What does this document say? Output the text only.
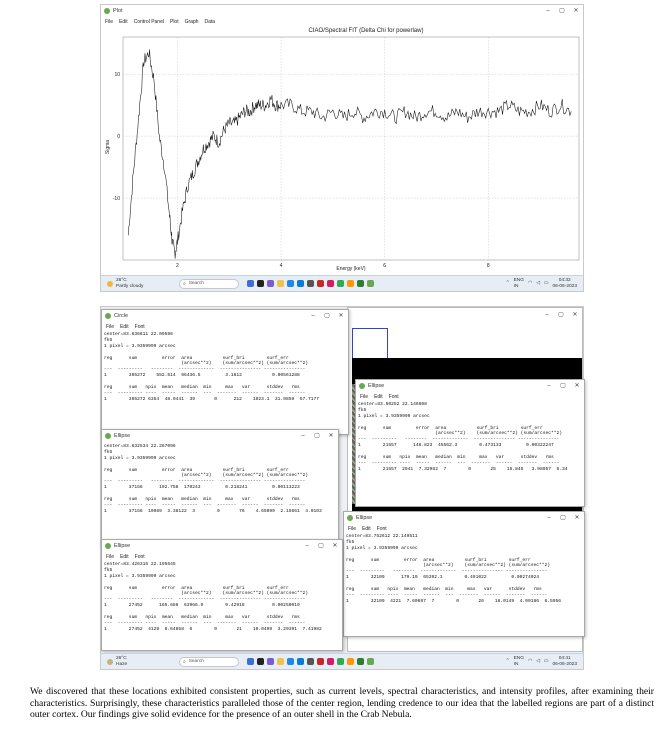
Plot	–	▢	✕
File Edit Control Panel Plot Graph Data
CIAO/Spectral FIT (Delta Chi for powerlaw)
Energy (keV)
Sigma
-10
0
10
2	4	6	8
26°C
Partly cloudy	⌕ Search	⌃
ENG
IN	◠ ◁ ▭
04:32
06-06-2023
–	▢	✕
Circle	–	▢	✕
File Edit Font
center=83.636611 22.09596
fk5
1 pixel = 3.9359999 arcsec

reg      sum         error  area           surf_bri        surf_err
(arcsec**2)    (sum/arcsec**2) (sum/arcsec**2)
---  ---------   --------  -------------  --------------- ---------------
1        305272    552.514  96436.5         3.1612           0.00561288

reg      sum   npix  mean   median  min     max   var      stddev   rms
---  --------- ----  -----  ------  ---  -------  ------  -------  ------
1        305272 6354  48.0441  39       0      212    1023.1  31.9859  57.7177
Ellipse	–	▢	✕
File Edit Font
center=83.50252 22.146608
fk5
1 pixel = 3.9359999 arcsec

reg      sum         error  area           surf_bri        surf_err
(arcsec**2)    (sum/arcsec**2) (sum/arcsec**2)
---  ---------   --------  -------------  --------------- ---------------
1        21557      146.823  45562.3        0.473133         0.00322247

reg      sum   npix  mean   median  min     max   var      stddev   rms
---  --------- ----  -----  ------  ---  -------  ------  -------  ------
1        21557  2941  7.32982  7        0       25    15.845   3.98057  8.34
Ellipse	–	▢	✕
center=83.632534 22.267096
fk5
1 pixel = 3.9359999 arcsec

reg      sum         error  area           surf_bri        surf_err
(arcsec**2)    (sum/arcsec**2) (sum/arcsec**2)
---  ---------   --------  -------------  --------------- ---------------
1        37156      192.758  170243         0.218241         0.00113223

reg      sum   npix  mean   median  min     max   var      stddev   rms
---  --------- ----  -----  ------  ---  -------  ------  -------  ------
1        37156  10989  3.38122  3        0       76    4.65099  2.15661  4.0103
Ellipse	–	▢	✕
File Edit Font
center=83.752612 22.149511
fk5
1 pixel = 3.9359999 arcsec

reg      sum         error  area           surf_bri        surf_err
(arcsec**2)    (sum/arcsec**2) (sum/arcsec**2)
---  ---------   --------  -------------  --------------- ---------------
1        32109      179.19  65392.1        0.491022         0.00274024

reg      sum   npix  mean   median  min     max   var      stddev   rms
---  --------- ----  -----  ------  ---  -------  ------  -------  ------
1        32109  4221  7.60697  7        0       26    16.0149  4.00186  8.5956
Ellipse	–	▢	✕
File Edit Font
center=83.426315 22.195645
fk5
1 pixel = 3.9359999 arcsec

reg      sum         error  area           surf_bri        surf_err
(arcsec**2)    (sum/arcsec**2) (sum/arcsec**2)
---  ---------   --------  -------------  --------------- ---------------
1        27452      165.686  63966.9        0.42916          0.00259019

reg      sum   npix  mean   median  min     max   var      stddev   rms
---  --------- ----  -----  ------  ---  -------  ------  -------  ------
1        27452  4129  6.64858  6        0       21    10.0499  3.29391  7.41982
26°C
Haze	⌕ Search	⌃
ENG
IN	◠ ◁ ▭
04:41
06-06-2023

We discovered that these locations exhibited consistent properties, such as current levels, spectral characteristics, and intensity profiles, after examining their characteristics. Surprisingly, these characteristics paralleled those of the center region, lending credence to our idea that the labelled regions are part of a distinct outer cortex. Our findings give solid evidence for the presence of an outer shell in the Crab Nebula.
